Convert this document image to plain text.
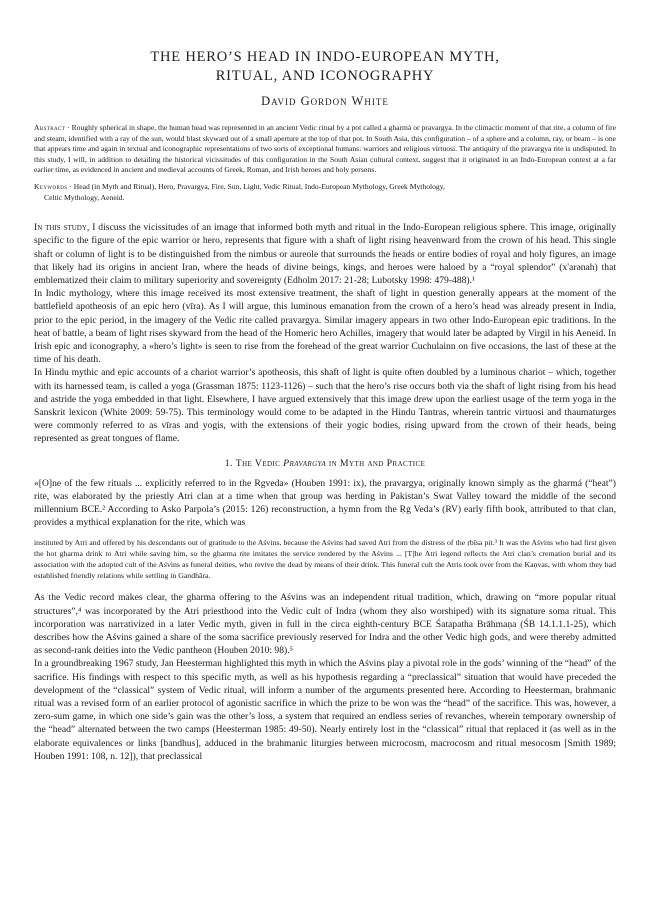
THE HERO’S HEAD IN INDO-EUROPEAN MYTH,
RITUAL, AND ICONOGRAPHY
David Gordon White

Abstract · Roughly spherical in shape, the human head was represented in an ancient Vedic ritual by a pot called a gharmá or pravargya. In the climactic moment of that rite, a column of fire and steam, identified with a ray of the sun, would blast skyward out of a small aperture at the top of that pot. In South Asia, this configuration – of a sphere and a column, ray, or beam – is one that appears time and again in textual and iconographic representations of two sorts of exceptional humans: warriors and religious virtuosi. The antiquity of the pravargya rite is undisputed. In this study, I will, in addition to detailing the historical vicissitudes of this configuration in the South Asian cultural context, suggest that it originated in an Indo-European context at a far earlier time, as evidenced in ancient and medieval accounts of Greek, Roman, and Irish heroes and holy persons.

Keywords · Head (in Myth and Ritual), Hero, Pravargya, Fire, Sun, Light, Vedic Ritual, Indo-European Mythology, Greek Mythology,
Celtic Mythology, Aeneid.

In this study, I discuss the vicissitudes of an image that informed both myth and ritual in the Indo-European religious sphere. This image, originally specific to the figure of the epic warrior or hero, represents that figure with a shaft of light rising heavenward from the crown of his head. This single shaft or column of light is to be distinguished from the nimbus or aureole that surrounds the heads or entire bodies of royal and holy figures, an image that likely had its origins in ancient Iran, where the heads of divine beings, kings, and heroes were haloed by a “royal splendor” (x'arənah) that emblematized their claim to military superiority and sovereignty (Edholm 2017: 21-28; Lubotsky 1998: 479-488).¹

In Indic mythology, where this image received its most extensive treatment, the shaft of light in question generally appears at the moment of the battlefield apotheosis of an epic hero (vīra). As I will argue, this luminous emanation from the crown of a hero’s head was already present in India, prior to the epic period, in the imagery of the Vedic rite called pravargya. Similar imagery appears in two other Indo-European epic traditions. In the heat of battle, a beam of light rises skyward from the head of the Homeric hero Achilles, imagery that would later be adapted by Virgil in his Aeneid. In Irish epic and iconography, a «hero’s light» is seen to rise from the forehead of the great warrior Cuchulainn on five occasions, the last of these at the time of his death.

In Hindu mythic and epic accounts of a chariot warrior’s apotheosis, this shaft of light is quite often doubled by a luminous chariot – which, together with its harnessed team, is called a yoga (Grassman 1875: 1123-1126) – such that the hero’s rise occurs both via the shaft of light rising from his head and astride the yoga embedded in that light. Elsewhere, I have argued extensively that this image drew upon the earliest usage of the term yoga in the Sanskrit lexicon (White 2009: 59-75). This terminology would come to be adapted in the Hindu Tantras, wherein tantric virtuosi and thaumaturges were commonly referred to as vīras and yogis, with the extensions of their yogic bodies, rising upward from the crown of their heads, being represented as great tongues of flame.

1. The Vedic Pravargya in Myth and Practice

«[O]ne of the few rituals ... explicitly referred to in the Rgveda» (Houben 1991: ix), the pravargya, originally known simply as the gharmá (“heat”) rite, was elaborated by the priestly Atri clan at a time when that group was herding in Pakistan’s Swat Valley toward the middle of the second millennium BCE.² According to Asko Parpola’s (2015: 126) reconstruction, a hymn from the Ṛg Veda’s (RV) early fifth book, attributed to that clan, provides a mythical explanation for the rite, which was

instituted by Atri and offered by his descendants out of gratitude to the Aśvins, because the Aśvins had saved Atri from the distress of the ṛbīsa pit.³ It was the Aśvins who had first given the hot gharma drink to Atri while saving him, so the gharma rite imitates the service rendered by the Aśvins ... [T]he Atri legend reflects the Atri clan’s cremation burial and its association with the adopted cult of the Aśvins as funeral deities, who revive the dead by means of their drink. This funeral cult the Atris took over from the Kaṇvas, with whom they had established friendly relations while settling in Gandhāra.

As the Vedic record makes clear, the gharma offering to the Aśvins was an independent ritual tradition, which, drawing on “more popular ritual structures”,⁴ was incorporated by the Atri priesthood into the Vedic cult of Indra (whom they also worshiped) with its signature soma ritual. This incorporation was narrativized in a later Vedic myth, given in full in the circa eighth-century BCE Śatapatha Brāhmaṇa (ŚB 14.1.1.1-25), which describes how the Aśvins gained a share of the soma sacrifice previously reserved for Indra and the other Vedic high gods, and were thereby admitted as second-rank deities into the Vedic pantheon (Houben 2010: 98).⁵

In a groundbreaking 1967 study, Jan Heesterman highlighted this myth in which the Aśvins play a pivotal role in the gods’ winning of the “head” of the sacrifice. His findings with respect to this specific myth, as well as his hypothesis regarding a “preclassical” situation that would have preceded the development of the “classical” system of Vedic ritual, will inform a number of the arguments presented here. According to Heesterman, brahmanic ritual was a revised form of an earlier protocol of agonistic sacrifice in which the prize to be won was the “head” of the sacrifice. This was, however, a zero-sum game, in which one side’s gain was the other’s loss, a system that required an endless series of revanches, wherein temporary ownership of the “head” alternated between the two camps (Heesterman 1985: 49-50). Nearly entirely lost in the “classical” ritual that replaced it (as well as in the elaborate equivalences or links [bandhus], adduced in the brahmanic liturgies between microcosm, macrocosm and ritual mesocosm [Smith 1989; Houben 1991: 108, n. 12]), that preclassical
